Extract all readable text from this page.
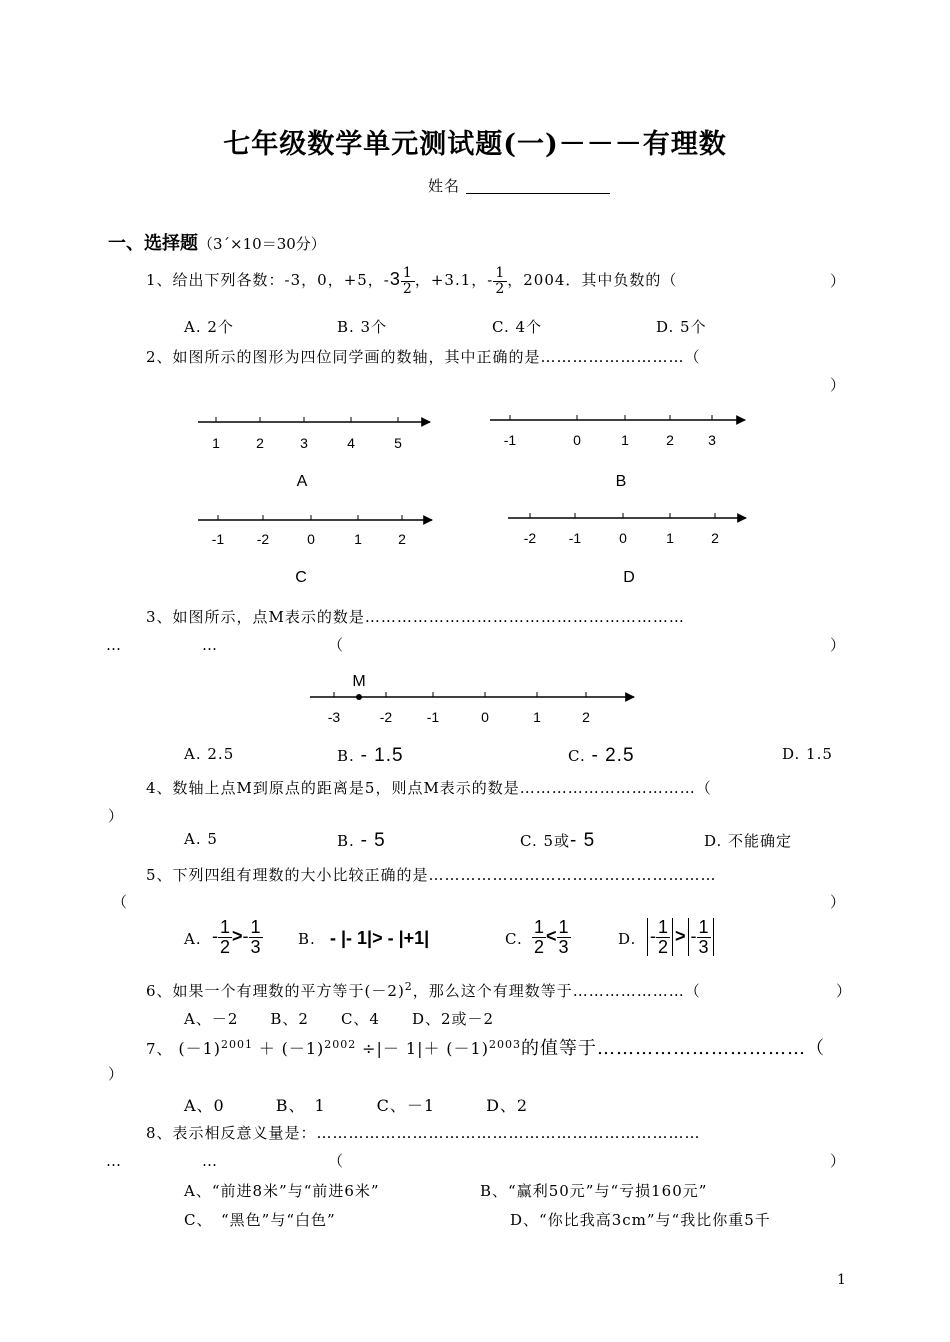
七年级数学单元测试题(一)－－－有理数
姓名
一、选择题（3´×10＝30分）
1、给出下列各数：-3，0，+5，$-3 \frac{1}{2}$ ，+3.1，- $\frac{1}{2}$ ，2004．其中负数的（	）
A. 2个	B. 3个	C. 4个	D. 5个
2、如图所示的图形为四位同学画的数轴，其中正确的是………………………（
）
1	2	3	4	5
A
-1	0	1	2 3
B
-1 -2	0	1	2
C
-2 -1	0	1	2
D
3、如图所示，点M表示的数是……………………………………………………
…　　　　　…	（	）
M
-3	-2 -1	0	1	2
A. 2.5	B. - 1.5	C. - 2.5	D. 1.5
4、数轴上点M到原点的距离是5，则点M表示的数是……………………………（
）
A. 5	B. - 5	C. 5或- 5	D. 不能确定
5、下列四组有理数的大小比较正确的是………………………………………………
（	）
A. - $\frac{1}{2} >- \frac{1}{3} B$. - |- 1|> - |+1|	C. $\frac{1}{2} < \frac{1}{3}$	D. - $\frac{1}{2}$ > - $\frac{1}{3}$
6、如果一个有理数的平方等于$(-2)^2$，那么这个有理数等于…………………（	）
A、－2　　B、2　　C、4　　D、2或－2
7、 $(-1)^{2001} + (-1)^{2002}$ ÷|－ $1|+ (-1)^{2003}$的值等于……………………………（
）
A、0　　　B、　1　　　C、－1　　　D、2
8、表示相反意义量是：………………………………………………………………
…　　　　　…	（	）
A、“前进8米”与“前进6米”	B、“赢利50元”与“亏损160元”
C、　“黑色”与“白色”	D、“你比我高3cm”与“我比你重5千
1
